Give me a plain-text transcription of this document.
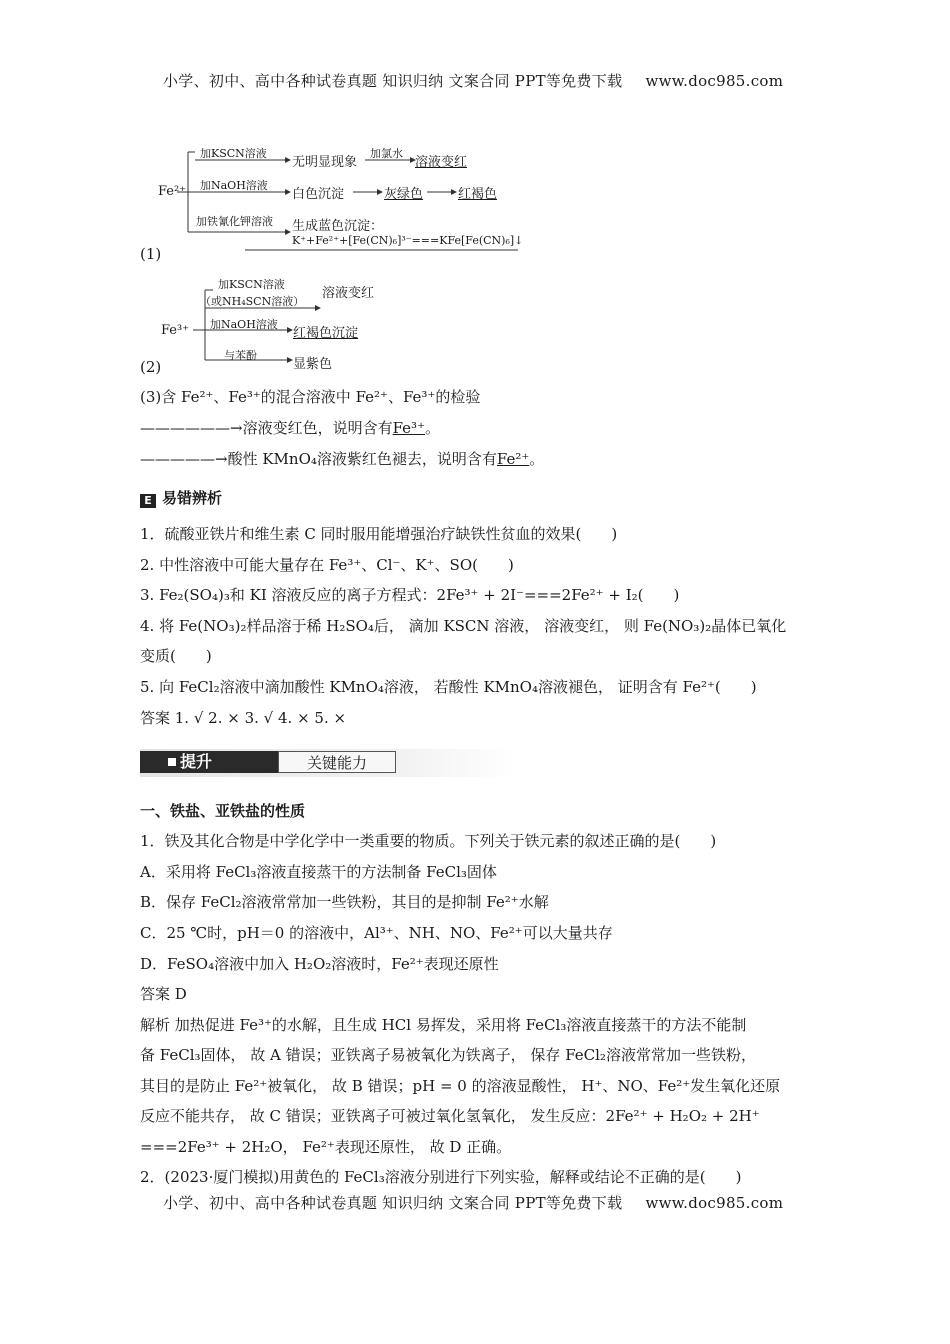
小学、初中、高中各种试卷真题 知识归纳 文案合同 PPT等免费下载 www.doc985.com
Fe²⁺
加KSCN溶液
无明显现象
加氯水
溶液变红
加NaOH溶液
白色沉淀	灰绿色	红褐色
加铁氰化钾溶液 生成蓝色沉淀：
K⁺+Fe²⁺+[Fe(CN)₆]³⁻===KFe[Fe(CN)₆]↓
(1)
Fe³⁺
加KSCN溶液
（或NH₄SCN溶液）
溶液变红
加NaOH溶液
红褐色沉淀
与苯酚
显紫色
(2)
(3)含 Fe²⁺、Fe³⁺的混合溶液中 Fe²⁺、Fe³⁺的检验
——————→溶液变红色，说明含有Fe³⁺。
—————→酸性 KMnO₄溶液紫红色褪去，说明含有Fe²⁺。
E 易错辨析
1．硫酸亚铁片和维生素 C 同时服用能增强治疗缺铁性贫血的效果(　　)
2. 中性溶液中可能大量存在 Fe³⁺、Cl⁻、K⁺、SO(　　)
3. Fe₂(SO₄)₃和 KI 溶液反应的离子方程式：2Fe³⁺ + 2I⁻===2Fe²⁺ + I₂(　　)
4. 将 Fe(NO₃)₂样品溶于稀 H₂SO₄后， 滴加 KSCN 溶液， 溶液变红， 则 Fe(NO₃)₂晶体已氧化
变质(　　)
5. 向 FeCl₂溶液中滴加酸性 KMnO₄溶液， 若酸性 KMnO₄溶液褪色， 证明含有 Fe²⁺(　　)
答案 1. √ 2. × 3. √ 4. × 5. ×
提升	关键能力
一、铁盐、亚铁盐的性质
1．铁及其化合物是中学化学中一类重要的物质。下列关于铁元素的叙述正确的是(　　)
A．采用将 FeCl₃溶液直接蒸干的方法制备 FeCl₃固体
B．保存 FeCl₂溶液常常加一些铁粉，其目的是抑制 Fe²⁺水解
C．25 ℃时，pH＝0 的溶液中，Al³⁺、NH、NO、Fe²⁺可以大量共存
D．FeSO₄溶液中加入 H₂O₂溶液时，Fe²⁺表现还原性
答案 D
解析 加热促进 Fe³⁺的水解，且生成 HCl 易挥发，采用将 FeCl₃溶液直接蒸干的方法不能制
备 FeCl₃固体， 故 A 错误；亚铁离子易被氧化为铁离子， 保存 FeCl₂溶液常常加一些铁粉，
其目的是防止 Fe²⁺被氧化， 故 B 错误；pH = 0 的溶液显酸性， H⁺、NO、Fe²⁺发生氧化还原
反应不能共存， 故 C 错误；亚铁离子可被过氧化氢氧化， 发生反应：2Fe²⁺ + H₂O₂ + 2H⁺
===2Fe³⁺ + 2H₂O， Fe²⁺表现还原性， 故 D 正确。
2．(2023·厦门模拟)用黄色的 FeCl₃溶液分别进行下列实验，解释或结论不正确的是(　　)
小学、初中、高中各种试卷真题 知识归纳 文案合同 PPT等免费下载 www.doc985.com
